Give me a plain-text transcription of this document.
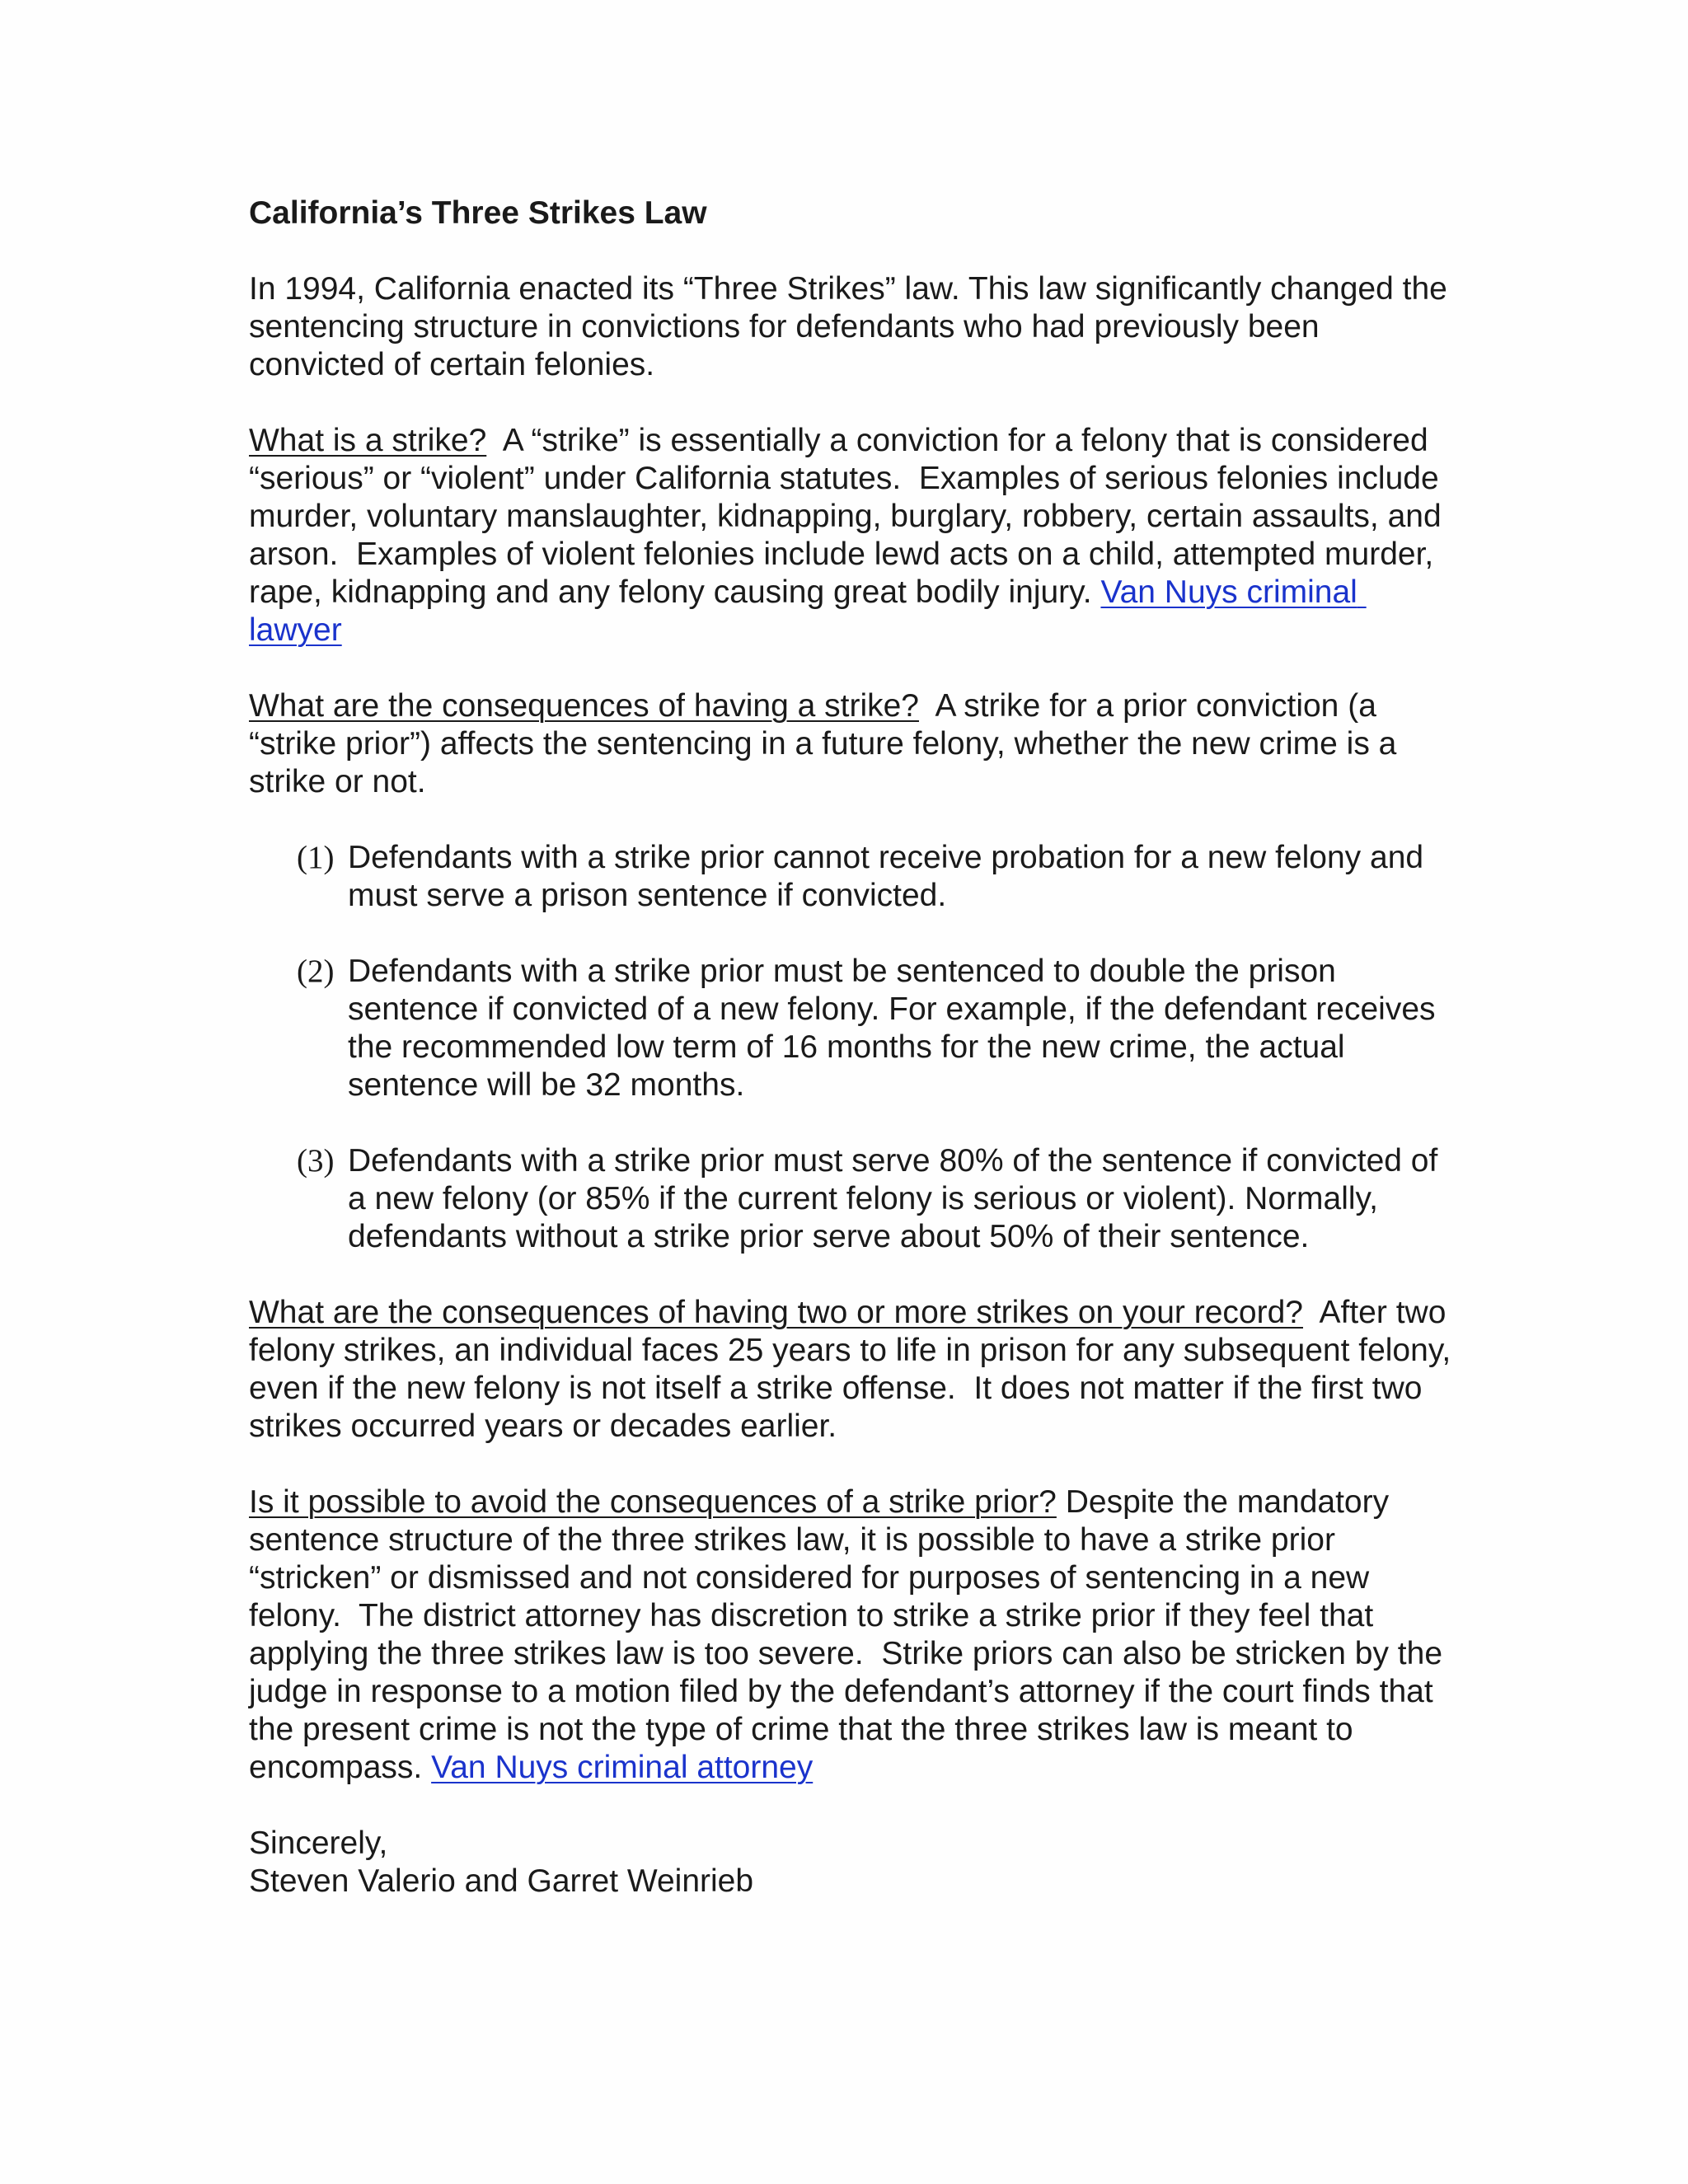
California’s Three Strikes Law

In 1994, California enacted its “Three Strikes” law. This law significantly changed the sentencing structure in convictions for defendants who had previously been convicted of certain felonies.

What is a strike?  A “strike” is essentially a conviction for a felony that is considered “serious” or “violent” under California statutes.  Examples of serious felonies include murder, voluntary manslaughter, kidnapping, burglary, robbery, certain assaults, and arson.  Examples of violent felonies include lewd acts on a child, attempted murder, rape, kidnapping and any felony causing great bodily injury. Van Nuys criminal lawyer

What are the consequences of having a strike?  A strike for a prior conviction (a “strike prior”) affects the sentencing in a future felony, whether the new crime is a strike or not.

(1) Defendants with a strike prior cannot receive probation for a new felony and must serve a prison sentence if convicted.
(2) Defendants with a strike prior must be sentenced to double the prison sentence if convicted of a new felony. For example, if the defendant receives the recommended low term of 16 months for the new crime, the actual sentence will be 32 months.
(3) Defendants with a strike prior must serve 80% of the sentence if convicted of a new felony (or 85% if the current felony is serious or violent). Normally, defendants without a strike prior serve about 50% of their sentence.

What are the consequences of having two or more strikes on your record?  After two felony strikes, an individual faces 25 years to life in prison for any subsequent felony, even if the new felony is not itself a strike offense.  It does not matter if the first two strikes occurred years or decades earlier.

Is it possible to avoid the consequences of a strike prior? Despite the mandatory sentence structure of the three strikes law, it is possible to have a strike prior “stricken” or dismissed and not considered for purposes of sentencing in a new felony.  The district attorney has discretion to strike a strike prior if they feel that applying the three strikes law is too severe.  Strike priors can also be stricken by the judge in response to a motion filed by the defendant’s attorney if the court finds that the present crime is not the type of crime that the three strikes law is meant to encompass. Van Nuys criminal attorney

Sincerely,

Steven Valerio and Garret Weinrieb
